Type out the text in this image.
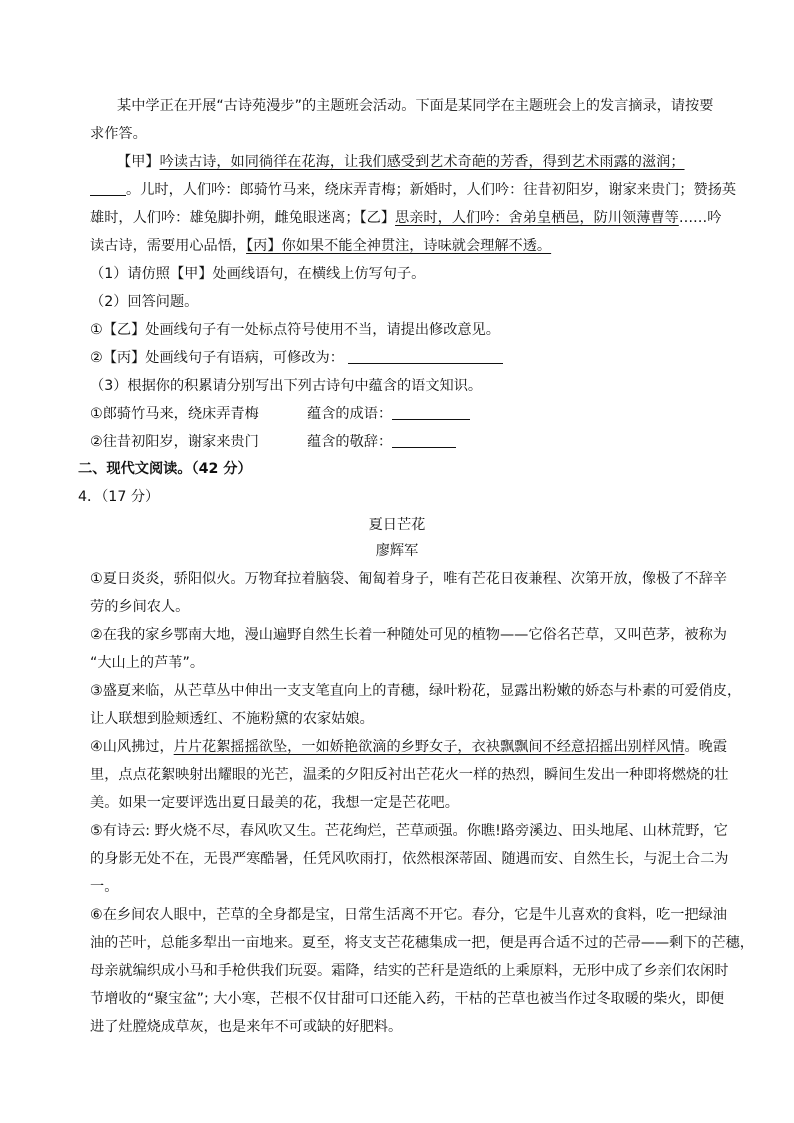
某中学正在开展“古诗苑漫步”的主题班会活动。下面是某同学在主题班会上的发言摘录，请按要

求作答。

【甲】吟读古诗，如同徜徉在花海，让我们感受到艺术奇葩的芳香，得到艺术雨露的滋润；

。儿时，人们吟：郎骑竹马来，绕床弄青梅；新婚时，人们吟：往昔初阳岁，谢家来贵门；赞扬英

雄时，人们吟：雄兔脚扑朔，雌兔眼迷离；【乙】思亲时，人们吟：舍弟皇栖邑，防川领薄曹等……吟

读古诗，需要用心品悟，【丙】你如果不能全神贯注，诗味就会理解不透。

（1）请仿照【甲】处画线语句，在横线上仿写句子。

（2）回答问题。

①【乙】处画线句子有一处标点符号使用不当，请提出修改意见。

②【丙】处画线句子有语病，可修改为：

（3）根据你的积累请分别写出下列古诗句中蕴含的语文知识。

①郎骑竹马来，绕床弄青梅	蕴含的成语：

②往昔初阳岁，谢家来贵门	蕴含的敬辞：

二、现代文阅读。（42 分）

4．（17 分）

夏日芒花

廖辉军

①夏日炎炎，骄阳似火。万物耷拉着脑袋、匍匐着身子，唯有芒花日夜兼程、次第开放，像极了不辞辛

劳的乡间农人。

②在我的家乡鄂南大地，漫山遍野自然生长着一种随处可见的植物——它俗名芒草，又叫芭茅，被称为

“大山上的芦苇”。

③盛夏来临，从芒草丛中伸出一支支笔直向上的青穗，绿叶粉花，显露出粉嫩的娇态与朴素的可爱俏皮，

让人联想到脸颊透红、不施粉黛的农家姑娘。

④山风拂过，片片花絮摇摇欲坠，一如娇艳欲滴的乡野女子，衣袂飘飘间不经意招摇出别样风情。晚霞

里，点点花絮映射出耀眼的光芒，温柔的夕阳反衬出芒花火一样的热烈，瞬间生发出一种即将燃烧的壮

美。如果一定要评选出夏日最美的花，我想一定是芒花吧。

⑤有诗云: 野火烧不尽，春风吹又生。芒花绚烂，芒草顽强。你瞧!路旁溪边、田头地尾、山林荒野，它

的身影无处不在，无畏严寒酷暑，任凭风吹雨打，依然根深蒂固、随遇而安、自然生长，与泥土合二为

一。

⑥在乡间农人眼中，芒草的全身都是宝，日常生活离不开它。春分，它是牛儿喜欢的食料，吃一把绿油

油的芒叶，总能多犁出一亩地来。夏至，将支支芒花穗集成一把，便是再合适不过的芒帚——剩下的芒穗，

母亲就编织成小马和手枪供我们玩耍。霜降，结实的芒秆是造纸的上乘原料，无形中成了乡亲们农闲时

节增收的“聚宝盆”; 大小寒，芒根不仅甘甜可口还能入药，干枯的芒草也被当作过冬取暖的柴火，即便

进了灶膛烧成草灰，也是来年不可或缺的好肥料。
